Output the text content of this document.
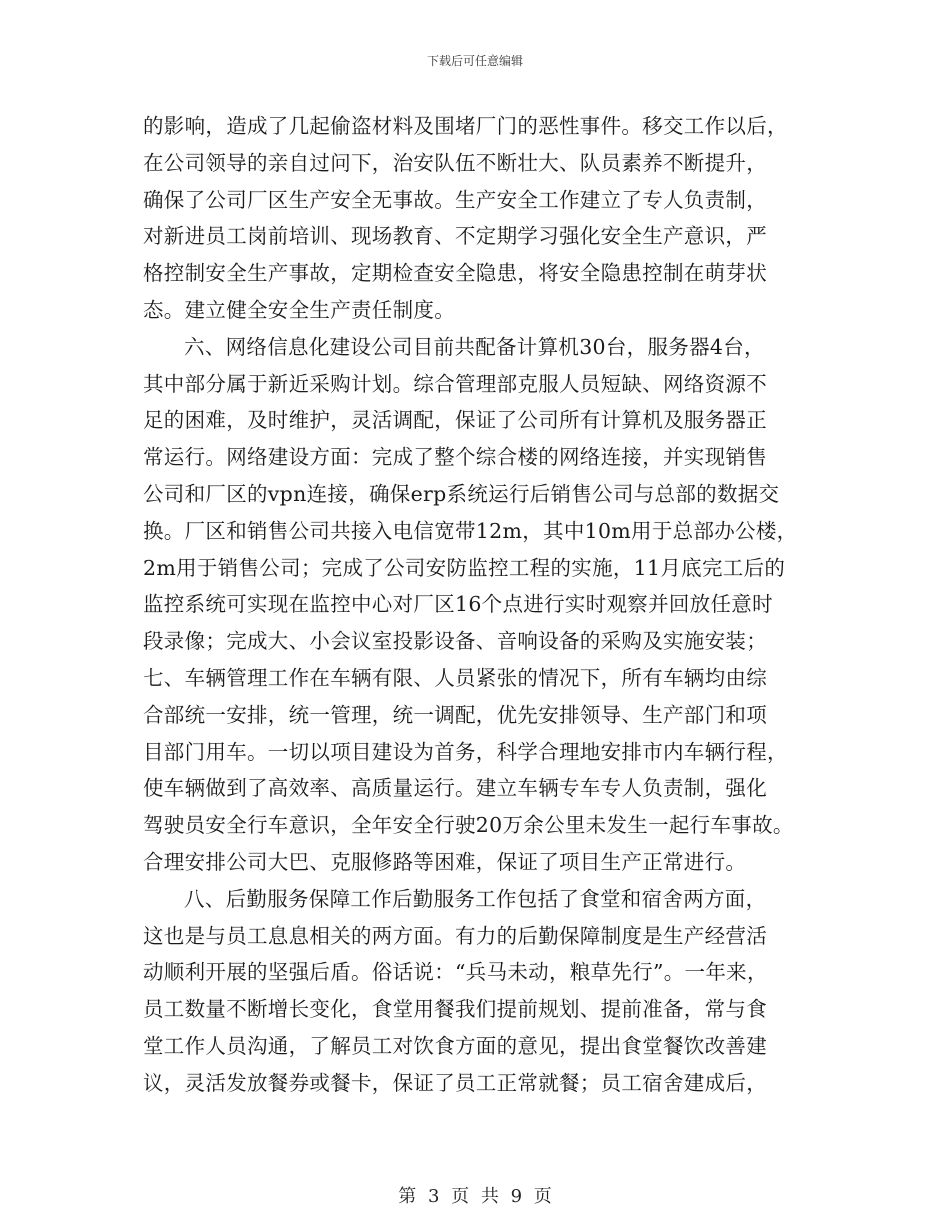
下载后可任意编辑
的影响，造成了几起偷盗材料及围堵厂门的恶性事件。移交工作以后，
在公司领导的亲自过问下，治安队伍不断壮大、队员素养不断提升，
确保了公司厂区生产安全无事故。生产安全工作建立了专人负责制，
对新进员工岗前培训、现场教育、不定期学习强化安全生产意识，严
格控制安全生产事故，定期检查安全隐患，将安全隐患控制在萌芽状
态。建立健全安全生产责任制度。
六、网络信息化建设公司目前共配备计算机30台，服务器4台，
其中部分属于新近采购计划。综合管理部克服人员短缺、网络资源不
足的困难，及时维护，灵活调配，保证了公司所有计算机及服务器正
常运行。网络建设方面：完成了整个综合楼的网络连接，并实现销售
公司和厂区的vpn连接，确保erp系统运行后销售公司与总部的数据交
换。厂区和销售公司共接入电信宽带12m，其中10m用于总部办公楼，
2m用于销售公司；完成了公司安防监控工程的实施，11月底完工后的
监控系统可实现在监控中心对厂区16个点进行实时观察并回放任意时
段录像；完成大、小会议室投影设备、音响设备的采购及实施安装；
七、车辆管理工作在车辆有限、人员紧张的情况下，所有车辆均由综
合部统一安排，统一管理，统一调配，优先安排领导、生产部门和项
目部门用车。一切以项目建设为首务，科学合理地安排市内车辆行程，
使车辆做到了高效率、高质量运行。建立车辆专车专人负责制，强化
驾驶员安全行车意识，全年安全行驶20万余公里未发生一起行车事故。
合理安排公司大巴、克服修路等困难，保证了项目生产正常进行。
八、后勤服务保障工作后勤服务工作包括了食堂和宿舍两方面，
这也是与员工息息相关的两方面。有力的后勤保障制度是生产经营活
动顺利开展的坚强后盾。俗话说：“兵马未动，粮草先行”。一年来，
员工数量不断增长变化，食堂用餐我们提前规划、提前准备，常与食
堂工作人员沟通，了解员工对饮食方面的意见，提出食堂餐饮改善建
议，灵活发放餐券或餐卡，保证了员工正常就餐；员工宿舍建成后，
第 3 页 共 9 页
